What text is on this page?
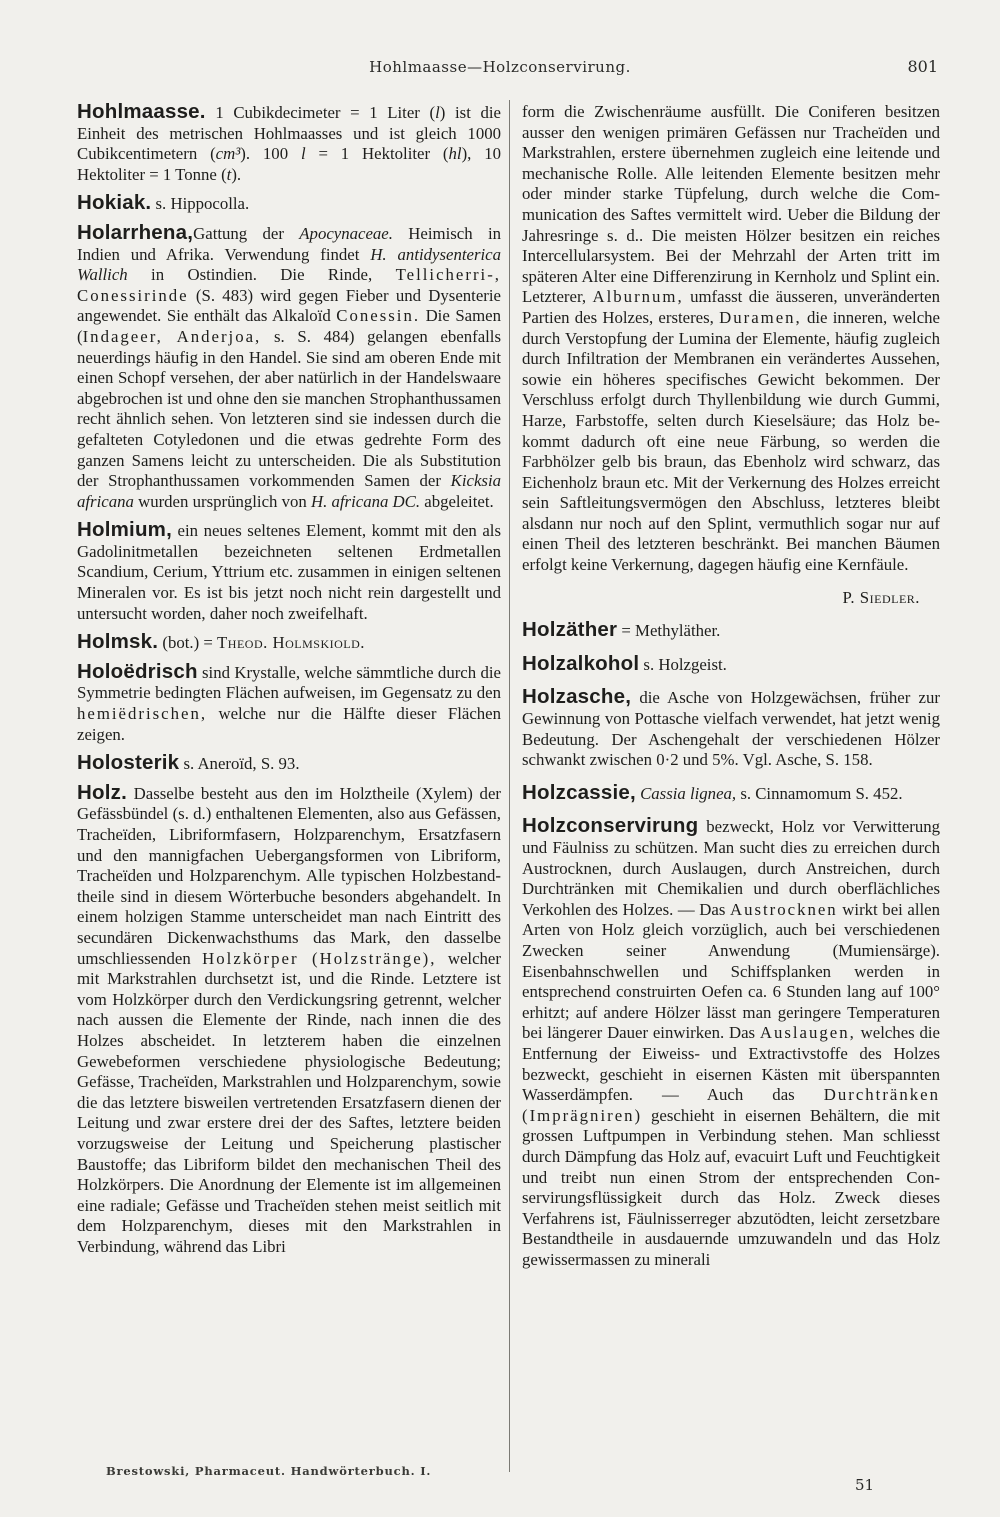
Hohlmaasse—Holzconservirung.	801

Hohlmaasse. 1 Cubikdecimeter = 1 Liter (l) ist die Einheit des metrischen Hohlmaasses und ist gleich 1000 Cubikcentimetern (cm³). 100 l = 1 Hektoliter (hl), 10 Hektoliter = 1 Tonne (t).

Hokiak. s. Hippocolla.

Holarrhena,Gattung der Apocynaceae. Heimisch in Indien und Afrika. Verwendung findet H. antidysenterica Wallich in Ostindien. Die Rinde, Tellicherri-, Conessirinde (S. 483) wird gegen Fieber und Dysenterie angewendet. Sie enthält das Alkaloïd Conessin. Die Samen (Indageer, Anderjoa, s. S. 484) gelangen ebenfalls neuerdings häufig in den Handel. Sie sind am oberen Ende mit einen Schopf versehen, der aber natürlich in der Handelswaare abgebrochen ist und ohne den sie manchen Strophanthussamen recht ähnlich sehen. Von letzteren sind sie indessen durch die gefalteten Cotyledonen und die etwas gedrehte Form des ganzen Samens leicht zu unterscheiden. Die als Substitution der Strophanthussamen vorkommenden Samen der Kicksia africana wurden ursprünglich von H. africana DC. abgeleitet.

Holmium, ein neues seltenes Element, kommt mit den als Gadolinitmetallen bezeichneten seltenen Erdmetallen Scandium, Cerium, Yttrium etc. zusammen in einigen seltenen Mineralen vor. Es ist bis jetzt noch nicht rein dargestellt und untersucht worden, daher noch zweifelhaft.

Holmsk. (bot.) = Theod. Holmskiold.

Holoëdrisch sind Krystalle, welche sämmtliche durch die Symmetrie bedingten Flächen aufweisen, im Gegensatz zu den hemiëdrischen, welche nur die Hälfte dieser Flächen zeigen.

Holosterik s. Aneroïd, S. 93.

Holz. Dasselbe besteht aus den im Holztheile (Xylem) der Gefässbündel (s. d.) enthaltenen Elementen, also aus Gefässen, Tracheïden, Libriformfasern, Holzparenchym, Ersatzfasern und den mannigfachen Uebergangsformen von Libriform, Tracheïden und Holzparenchym. Alle typischen Holzbestandtheile sind in diesem Wörterbuche besonders abgehandelt. In einem holzigen Stamme unterscheidet man nach Eintritt des secundären Dickenwachsthums das Mark, den dasselbe umschliessenden Holzkörper (Holzstränge), welcher mit Markstrahlen durchsetzt ist, und die Rinde. Letztere ist vom Holzkörper durch den Verdickungsring getrennt, welcher nach aussen die Elemente der Rinde, nach innen die des Holzes abscheidet. In letzterem haben die einzelnen Gewebeformen verschiedene physiologische Bedeutung; Gefässe, Tracheïden, Markstrahlen und Holzparenchym, sowie die das letztere bisweilen vertretenden Ersatzfasern dienen der Leitung und zwar erstere drei der des Saftes, letztere beiden vorzugsweise der Leitung und Speicherung plastischer Baustoffe; das Libriform bildet den mechanischen Theil des Holzkörpers. Die Anordnung der Elemente ist im allgemeinen eine radiale; Gefässe und Tracheïden stehen meist seitlich mit dem Holzparenchym, dieses mit den Markstrahlen in Verbindung, während das Libri

form die Zwischenräume ausfüllt. Die Coniferen besitzen ausser den wenigen primären Gefässen nur Tracheïden und Markstrahlen, erstere übernehmen zugleich eine leitende und mechanische Rolle. Alle leitenden Elemente besitzen mehr oder minder starke Tüpfelung, durch welche die Communication des Saftes vermittelt wird. Ueber die Bildung der Jahresringe s. d.. Die meisten Hölzer besitzen ein reiches Intercellularsystem. Bei der Mehrzahl der Arten tritt im späteren Alter eine Differenzirung in Kernholz und Splint ein. Letzterer, Alburnum, umfasst die äusseren, unveränderten Partien des Holzes, ersteres, Duramen, die inneren, welche durch Verstopfung der Lumina der Elemente, häufig zugleich durch Infiltration der Membranen ein verändertes Aussehen, sowie ein höheres specifisches Gewicht bekommen. Der Verschluss erfolgt durch Thyllenbildung wie durch Gummi, Harze, Farbstoffe, selten durch Kieselsäure; das Holz bekommt dadurch oft eine neue Färbung, so werden die Farbhölzer gelb bis braun, das Ebenholz wird schwarz, das Eichenholz braun etc. Mit der Verkernung des Holzes erreicht sein Saftleitungsvermögen den Abschluss, letzteres bleibt alsdann nur noch auf den Splint, vermuthlich sogar nur auf einen Theil des letzteren beschränkt. Bei manchen Bäumen erfolgt keine Verkernung, dagegen häufig eine Kernfäule.

P. Siedler.

Holzäther = Methyläther.

Holzalkohol s. Holzgeist.

Holzasche, die Asche von Holzgewächsen, früher zur Gewinnung von Pottasche vielfach verwendet, hat jetzt wenig Bedeutung. Der Aschengehalt der verschiedenen Hölzer schwankt zwischen 0·2 und 5%. Vgl. Asche, S. 158.

Holzcassie, Cassia lignea, s. Cinnamomum S. 452.

Holzconservirung bezweckt, Holz vor Verwitterung und Fäulniss zu schützen. Man sucht dies zu erreichen durch Austrocknen, durch Auslaugen, durch Anstreichen, durch Durchtränken mit Chemikalien und durch oberflächliches Verkohlen des Holzes. — Das Austrocknen wirkt bei allen Arten von Holz gleich vorzüglich, auch bei verschiedenen Zwecken seiner Anwendung (Mumiensärge). Eisenbahnschwellen und Schiffsplanken werden in entsprechend construirten Oefen ca. 6 Stunden lang auf 100° erhitzt; auf andere Hölzer lässt man geringere Temperaturen bei längerer Dauer einwirken. Das Auslaugen, welches die Entfernung der Eiweiss- und Extractivstoffe des Holzes bezweckt, geschieht in eisernen Kästen mit überspannten Wasserdämpfen. — Auch das Durchtränken (Imprägniren) geschieht in eisernen Behältern, die mit grossen Luftpumpen in Verbindung stehen. Man schliesst durch Dämpfung das Holz auf, evacuirt Luft und Feuchtigkeit und treibt nun einen Strom der entsprechenden Conservirungsflüssigkeit durch das Holz. Zweck dieses Verfahrens ist, Fäulnisserreger abzutödten, leicht zersetzbare Bestandtheile in ausdauernde umzuwandeln und das Holz gewissermassen zu minerali

Brestowski, Pharmaceut. Handwörterbuch. I.
51
